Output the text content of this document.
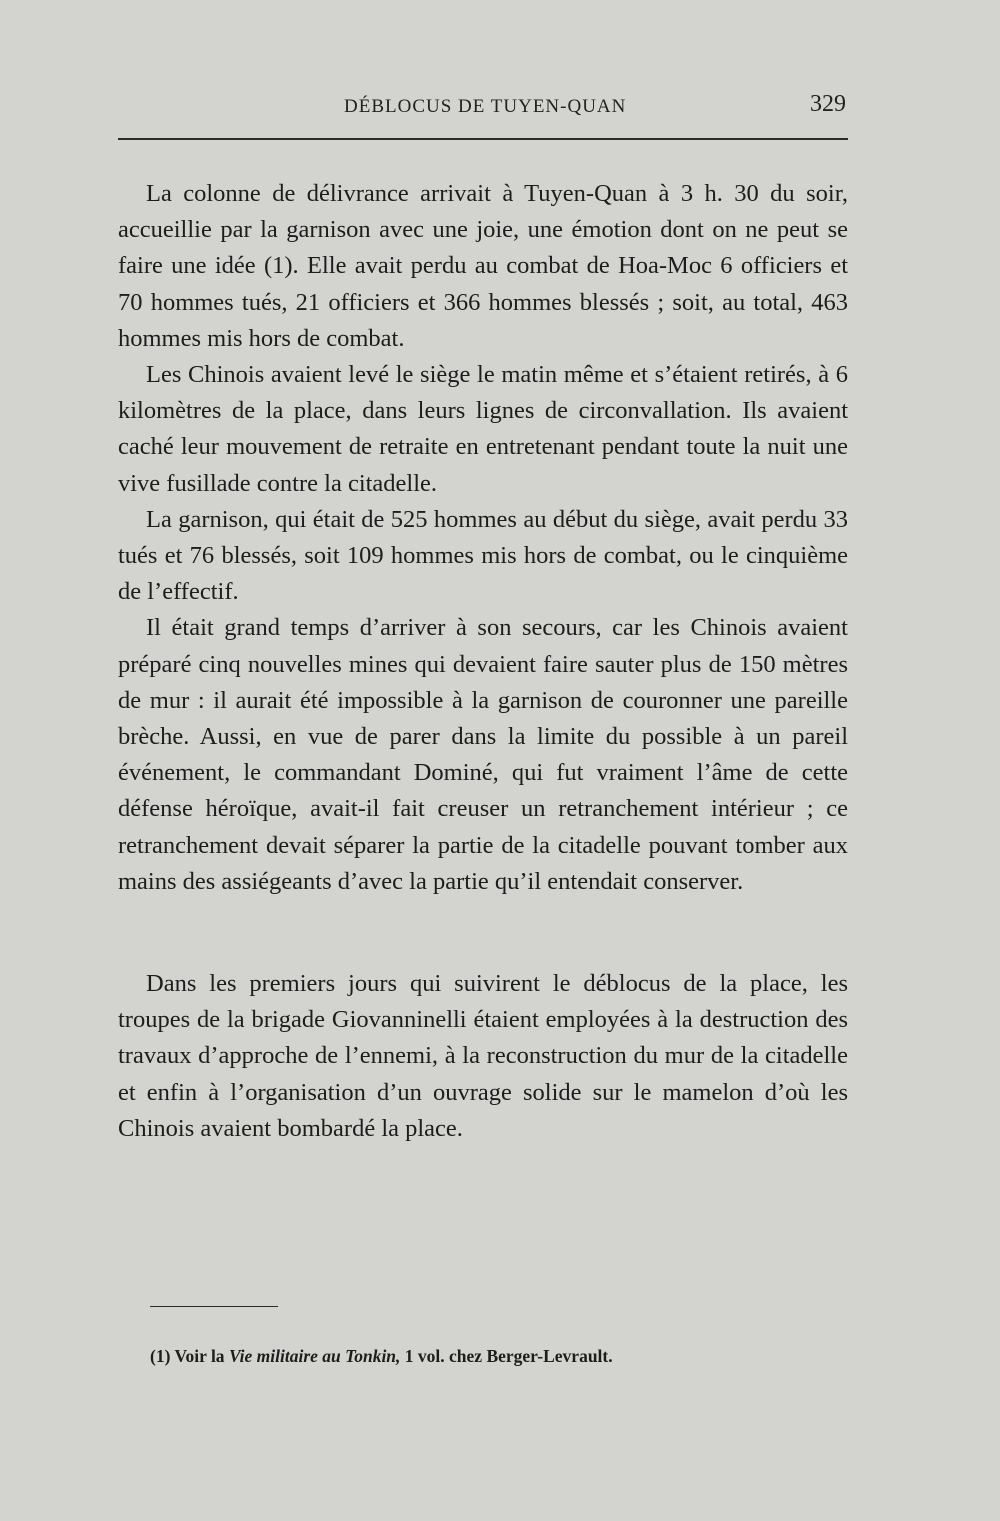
DÉBLOCUS DE TUYEN-QUAN	329

La colonne de délivrance arrivait à Tuyen-Quan à 3 h. 30 du soir, accueillie par la garnison avec une joie, une émotion dont on ne peut se faire une idée (1). Elle avait perdu au combat de Hoa-Moc 6 officiers et 70 hommes tués, 21 officiers et 366 hommes blessés ; soit, au total, 463 hommes mis hors de combat.

Les Chinois avaient levé le siège le matin même et s’étaient retirés, à 6 kilomètres de la place, dans leurs lignes de circonvallation. Ils avaient caché leur mouvement de retraite en entretenant pendant toute la nuit une vive fusillade contre la citadelle.

La garnison, qui était de 525 hommes au début du siège, avait perdu 33 tués et 76 blessés, soit 109 hommes mis hors de combat, ou le cinquième de l’effectif.

Il était grand temps d’arriver à son secours, car les Chinois avaient préparé cinq nouvelles mines qui devaient faire sauter plus de 150 mètres de mur : il aurait été impossible à la garnison de couronner une pareille brèche. Aussi, en vue de parer dans la limite du possible à un pareil événement, le commandant Dominé, qui fut vraiment l’âme de cette défense héroïque, avait-il fait creuser un retranchement intérieur ; ce retranchement devait séparer la partie de la citadelle pouvant tomber aux mains des assiégeants d’avec la partie qu’il entendait conserver.

Dans les premiers jours qui suivirent le déblocus de la place, les troupes de la brigade Giovanninelli étaient employées à la destruction des travaux d’approche de l’ennemi, à la reconstruction du mur de la citadelle et enfin à l’organisation d’un ouvrage solide sur le mamelon d’où les Chinois avaient bombardé la place.

(1) Voir la Vie militaire au Tonkin, 1 vol. chez Berger-Levrault.
